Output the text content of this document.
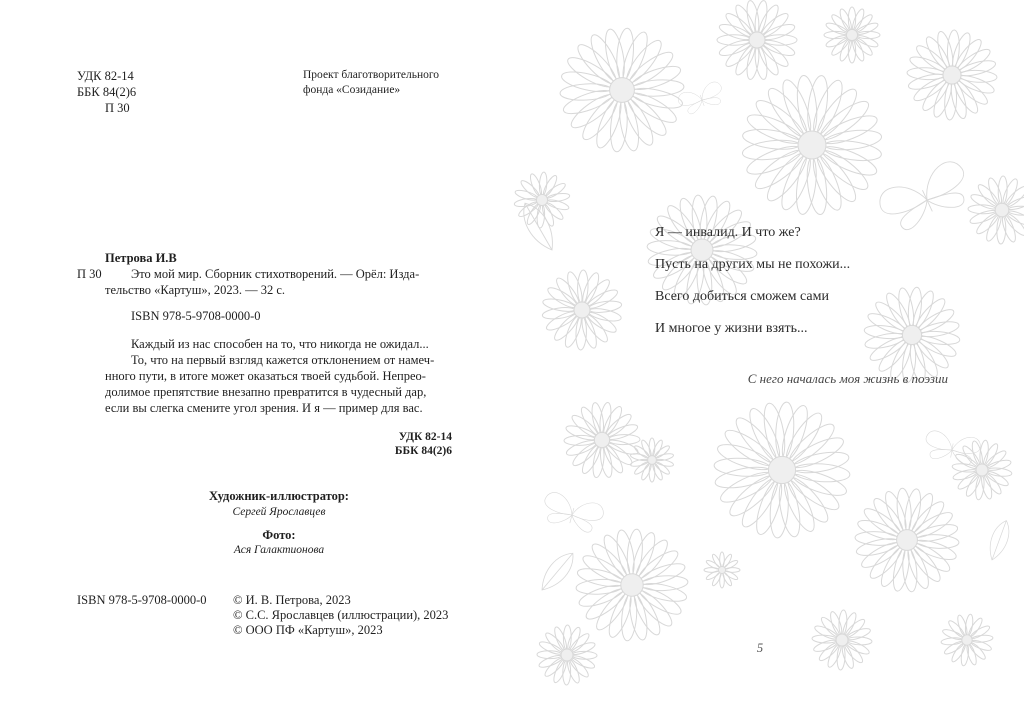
УДК 82-14
ББК 84(2)6
П 30
Проект благотворительного
фонда «Созидание»
Петрова И.В
П 30 Это мой мир. Сборник стихотворений. — Орёл: Изда-
тельство «Картуш», 2023. — 32 с.
ISBN 978-5-9708-0000-0
Каждый из нас способен на то, что никогда не ожидал...
То, что на первый взгляд кажется отклонением от намеч-
нного пути, в итоге может оказаться твоей судьбой. Непрео-
долимое препятствие внезапно превратится в чудесный дар,
если вы слегка смените угол зрения. И я — пример для вас.
УДК 82-14
ББК 84(2)6
Художник-иллюстратор:
Сергей Ярославцев
Фото:
Ася Галактионова
ISBN 978-5-9708-0000-0 © И. В. Петрова, 2023
© С.С. Ярославцев (иллюстрации), 2023
© ООО ПФ «Картуш», 2023
Я — инвалид. И что же?
Пусть на других мы не похожи...
Всего добиться сможем сами
И многое у жизни взять...
С него началась моя жизнь в поэзии
5
